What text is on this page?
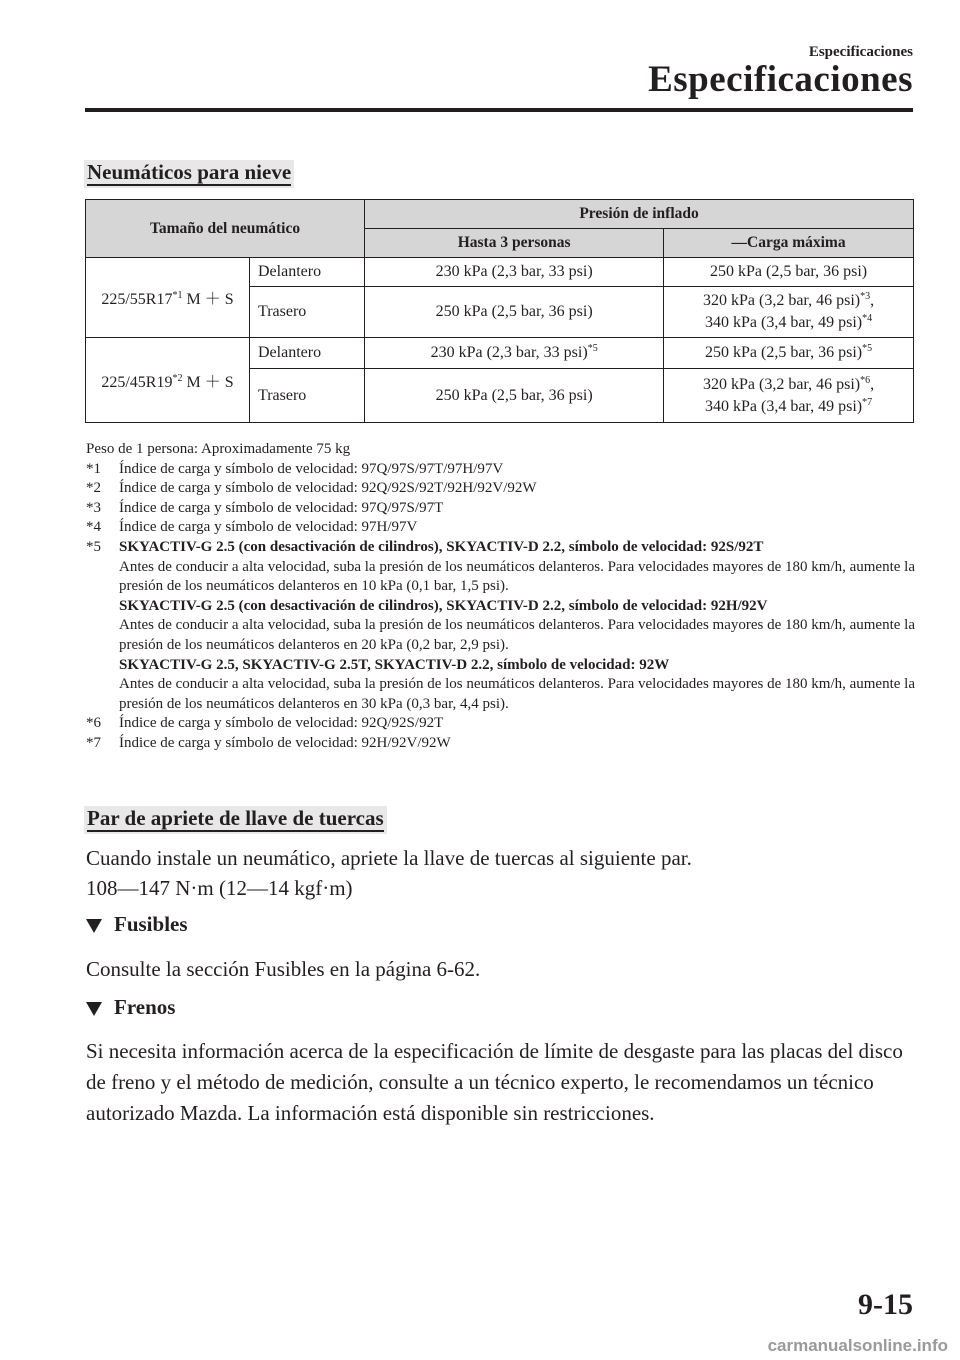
Especificaciones
Especificaciones
Neumáticos para nieve
Tamaño del neumático		Presión de inflado	
		Hasta 3 personas	―Carga máxima
225/55R17$^{*1}$ M ＋ S	Delantero	230 kPa (2,3 bar, 33 psi)	250 kPa (2,5 bar, 36 psi)
	Trasero	250 kPa (2,5 bar, 36 psi)	320 kPa (3,2 bar, 46 psi)$^{*3}$,
340 kPa (3,4 bar, 49 psi)$^{*4}$
225/45R19$^{*2}$ M ＋ S	Delantero	230 kPa (2,3 bar, 33 psi)$^{*5}$	250 kPa (2,5 bar, 36 psi)$^{*5}$
	Trasero	250 kPa (2,5 bar, 36 psi)	320 kPa (3,2 bar, 46 psi)$^{*6}$,
340 kPa (3,4 bar, 49 psi)$^{*7}$
Peso de 1 persona: Aproximadamente 75 kg
*1	Índice de carga y símbolo de velocidad: 97Q/97S/97T/97H/97V
*2	Índice de carga y símbolo de velocidad: 92Q/92S/92T/92H/92V/92W
*3	Índice de carga y símbolo de velocidad: 97Q/97S/97T
*4	Índice de carga y símbolo de velocidad: 97H/97V
*5	SKYACTIV-G 2.5 (con desactivación de cilindros), SKYACTIV-D 2.2, símbolo de velocidad: 92S/92T
Antes de conducir a alta velocidad, suba la presión de los neumáticos delanteros. Para velocidades mayores de 180 km/h, aumente la presión de los neumáticos delanteros en 10 kPa (0,1 bar, 1,5 psi).
SKYACTIV-G 2.5 (con desactivación de cilindros), SKYACTIV-D 2.2, símbolo de velocidad: 92H/92V
Antes de conducir a alta velocidad, suba la presión de los neumáticos delanteros. Para velocidades mayores de 180 km/h, aumente la presión de los neumáticos delanteros en 20 kPa (0,2 bar, 2,9 psi).
SKYACTIV-G 2.5, SKYACTIV-G 2.5T, SKYACTIV-D 2.2, símbolo de velocidad: 92W
Antes de conducir a alta velocidad, suba la presión de los neumáticos delanteros. Para velocidades mayores de 180 km/h, aumente la presión de los neumáticos delanteros en 30 kPa (0,3 bar, 4,4 psi).
*6	Índice de carga y símbolo de velocidad: 92Q/92S/92T
*7	Índice de carga y símbolo de velocidad: 92H/92V/92W
Par de apriete de llave de tuercas
Cuando instale un neumático, apriete la llave de tuercas al siguiente par.
108―147 N·m (12―14 kgf·m)
Fusibles
Consulte la sección Fusibles en la página 6-62.
Frenos
Si necesita información acerca de la especificación de límite de desgaste para las placas del disco de freno y el método de medición, consulte a un técnico experto, le recomendamos un técnico autorizado Mazda. La información está disponible sin restricciones.
9-15
carmanualsonline.info
